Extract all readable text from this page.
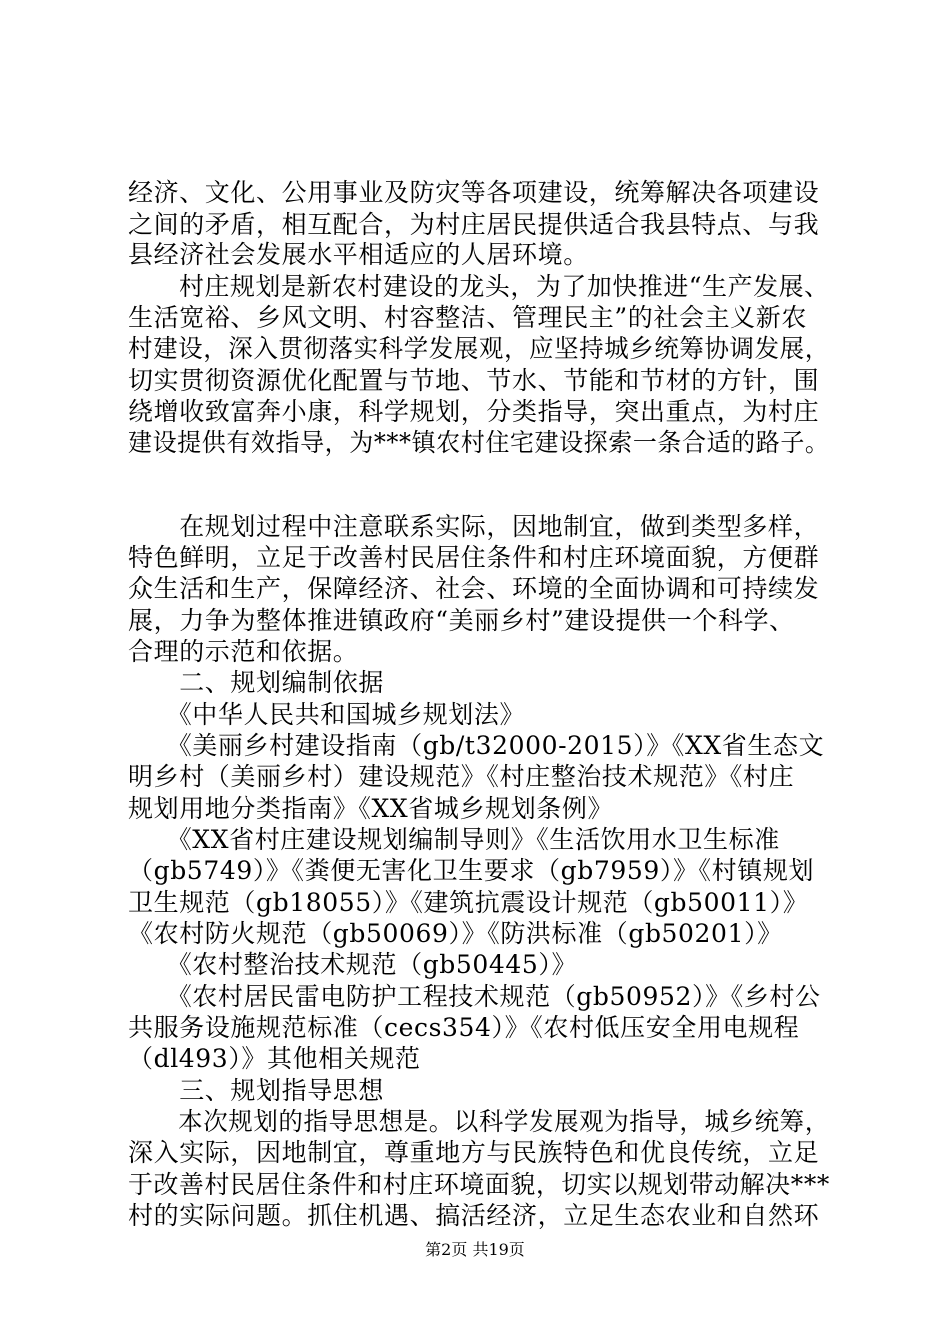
经济、文化、公用事业及防灾等各项建设，统筹解决各项建设
之间的矛盾，相互配合，为村庄居民提供适合我县特点、与我
县经济社会发展水平相适应的人居环境。
　　村庄规划是新农村建设的龙头，为了加快推进“生产发展、
生活宽裕、乡风文明、村容整洁、管理民主”的社会主义新农
村建设，深入贯彻落实科学发展观，应坚持城乡统筹协调发展，
切实贯彻资源优化配置与节地、节水、节能和节材的方针，围
绕增收致富奔小康，科学规划，分类指导，突出重点，为村庄
建设提供有效指导，为***镇农村住宅建设探索一条合适的路子。
　　在规划过程中注意联系实际，因地制宜，做到类型多样，
特色鲜明，立足于改善村民居住条件和村庄环境面貌，方便群
众生活和生产，保障经济、社会、环境的全面协调和可持续发
展，力争为整体推进镇政府“美丽乡村”建设提供一个科学、
合理的示范和依据。
　　二、规划编制依据
　　《中华人民共和国城乡规划法》
　　《美丽乡村建设指南（gb/t32000-2015）》《XX省生态文
明乡村（美丽乡村）建设规范》《村庄整治技术规范》《村庄
规划用地分类指南》《XX省城乡规划条例》
　　《XX省村庄建设规划编制导则》《生活饮用水卫生标准
（gb5749）》《粪便无害化卫生要求（gb7959）》《村镇规划
卫生规范（gb18055）》《建筑抗震设计规范（gb50011）》
《农村防火规范（gb50069）》《防洪标准（gb50201）》
　　《农村整治技术规范（gb50445）》
　　《农村居民雷电防护工程技术规范（gb50952）》《乡村公
共服务设施规范标准（cecs354）》《农村低压安全用电规程
（dl493）》其他相关规范
　　三、规划指导思想
　　本次规划的指导思想是。以科学发展观为指导，城乡统筹，
深入实际，因地制宜，尊重地方与民族特色和优良传统，立足
于改善村民居住条件和村庄环境面貌，切实以规划带动解决***
村的实际问题。抓住机遇、搞活经济，立足生态农业和自然环
第2页 共19页
